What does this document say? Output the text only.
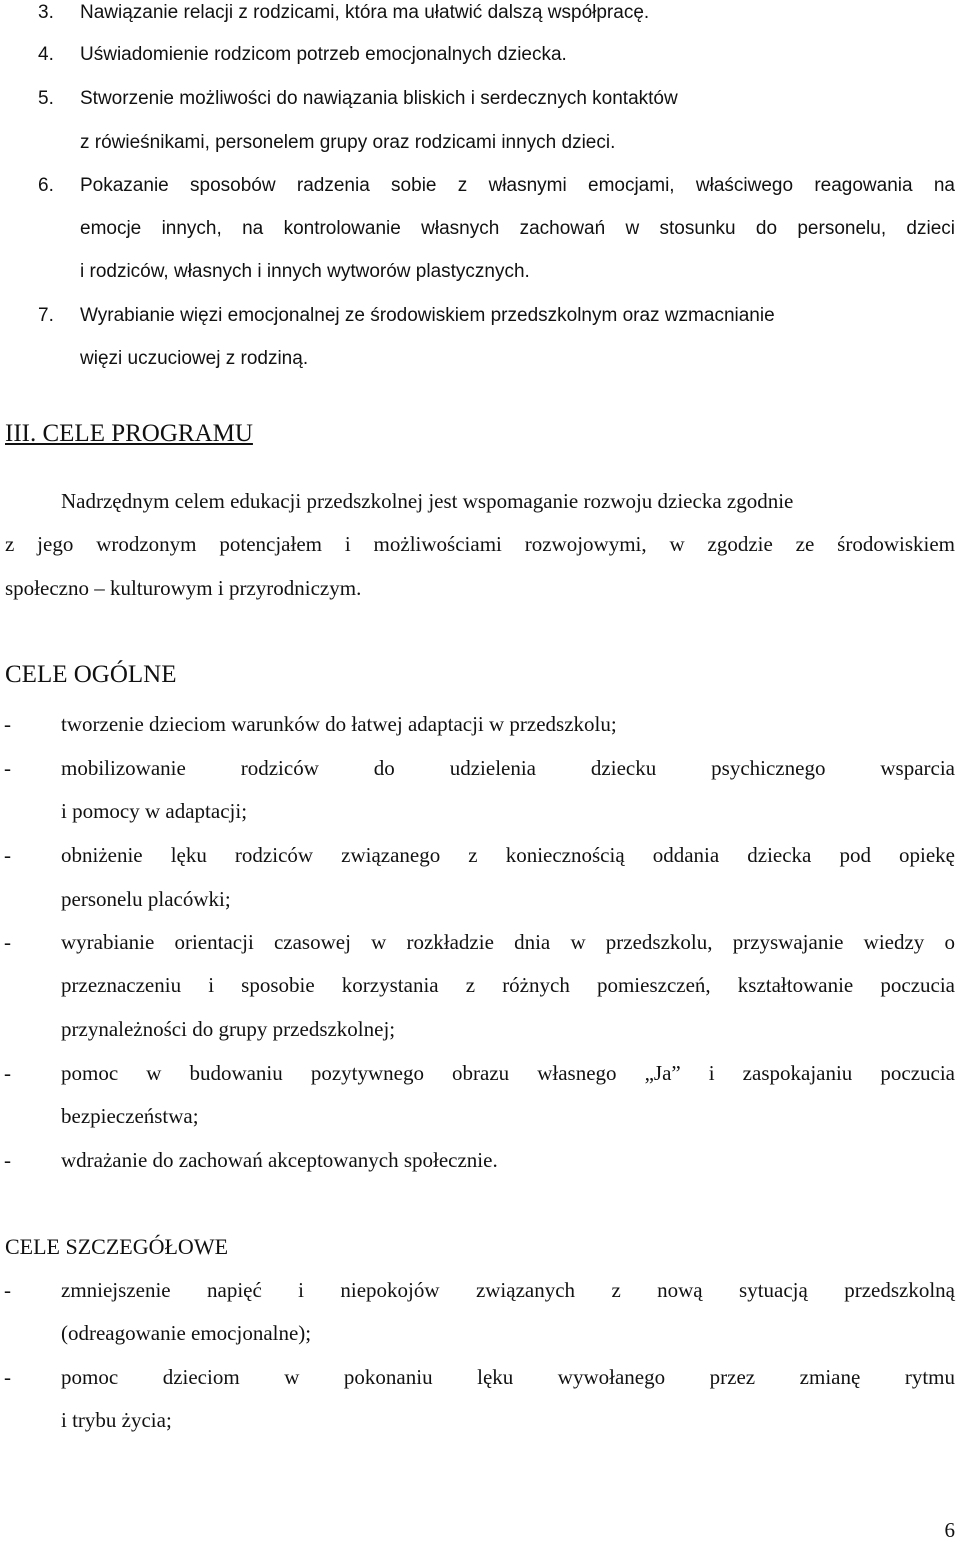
3. Nawiązanie relacji z rodzicami, która ma ułatwić dalszą współpracę.
4. Uświadomienie rodzicom potrzeb emocjonalnych dziecka.
5. Stworzenie możliwości do nawiązania bliskich i serdecznych kontaktów
z rówieśnikami, personelem grupy oraz rodzicami innych dzieci.
6. Pokazanie sposobów radzenia sobie z własnymi emocjami, właściwego reagowania na
emocje innych, na kontrolowanie własnych zachowań w stosunku do personelu, dzieci
i rodziców, własnych i innych wytworów plastycznych.
7. Wyrabianie więzi emocjonalnej ze środowiskiem przedszkolnym oraz wzmacnianie
więzi uczuciowej z rodziną.
III. CELE PROGRAMU
Nadrzędnym celem edukacji przedszkolnej jest wspomaganie rozwoju dziecka zgodnie
z jego wrodzonym potencjałem i możliwościami rozwojowymi, w zgodzie ze środowiskiem
społeczno – kulturowym i przyrodniczym.
CELE OGÓLNE
- tworzenie dzieciom warunków do łatwej adaptacji w przedszkolu;
- mobilizowanie rodziców do udzielenia dziecku psychicznego wsparcia
i pomocy w adaptacji;
- obniżenie lęku rodziców związanego z koniecznością oddania dziecka pod opiekę
personelu placówki;
- wyrabianie orientacji czasowej w rozkładzie dnia w przedszkolu, przyswajanie wiedzy o
przeznaczeniu i sposobie korzystania z różnych pomieszczeń, kształtowanie poczucia
przynależności do grupy przedszkolnej;
- pomoc w budowaniu pozytywnego obrazu własnego „Ja” i zaspokajaniu poczucia
bezpieczeństwa;
- wdrażanie do zachowań akceptowanych społecznie.
CELE SZCZEGÓŁOWE
- zmniejszenie napięć i niepokojów związanych z nową sytuacją przedszkolną
(odreagowanie emocjonalne);
- pomoc dzieciom w pokonaniu lęku wywołanego przez zmianę rytmu
i trybu życia;
6
